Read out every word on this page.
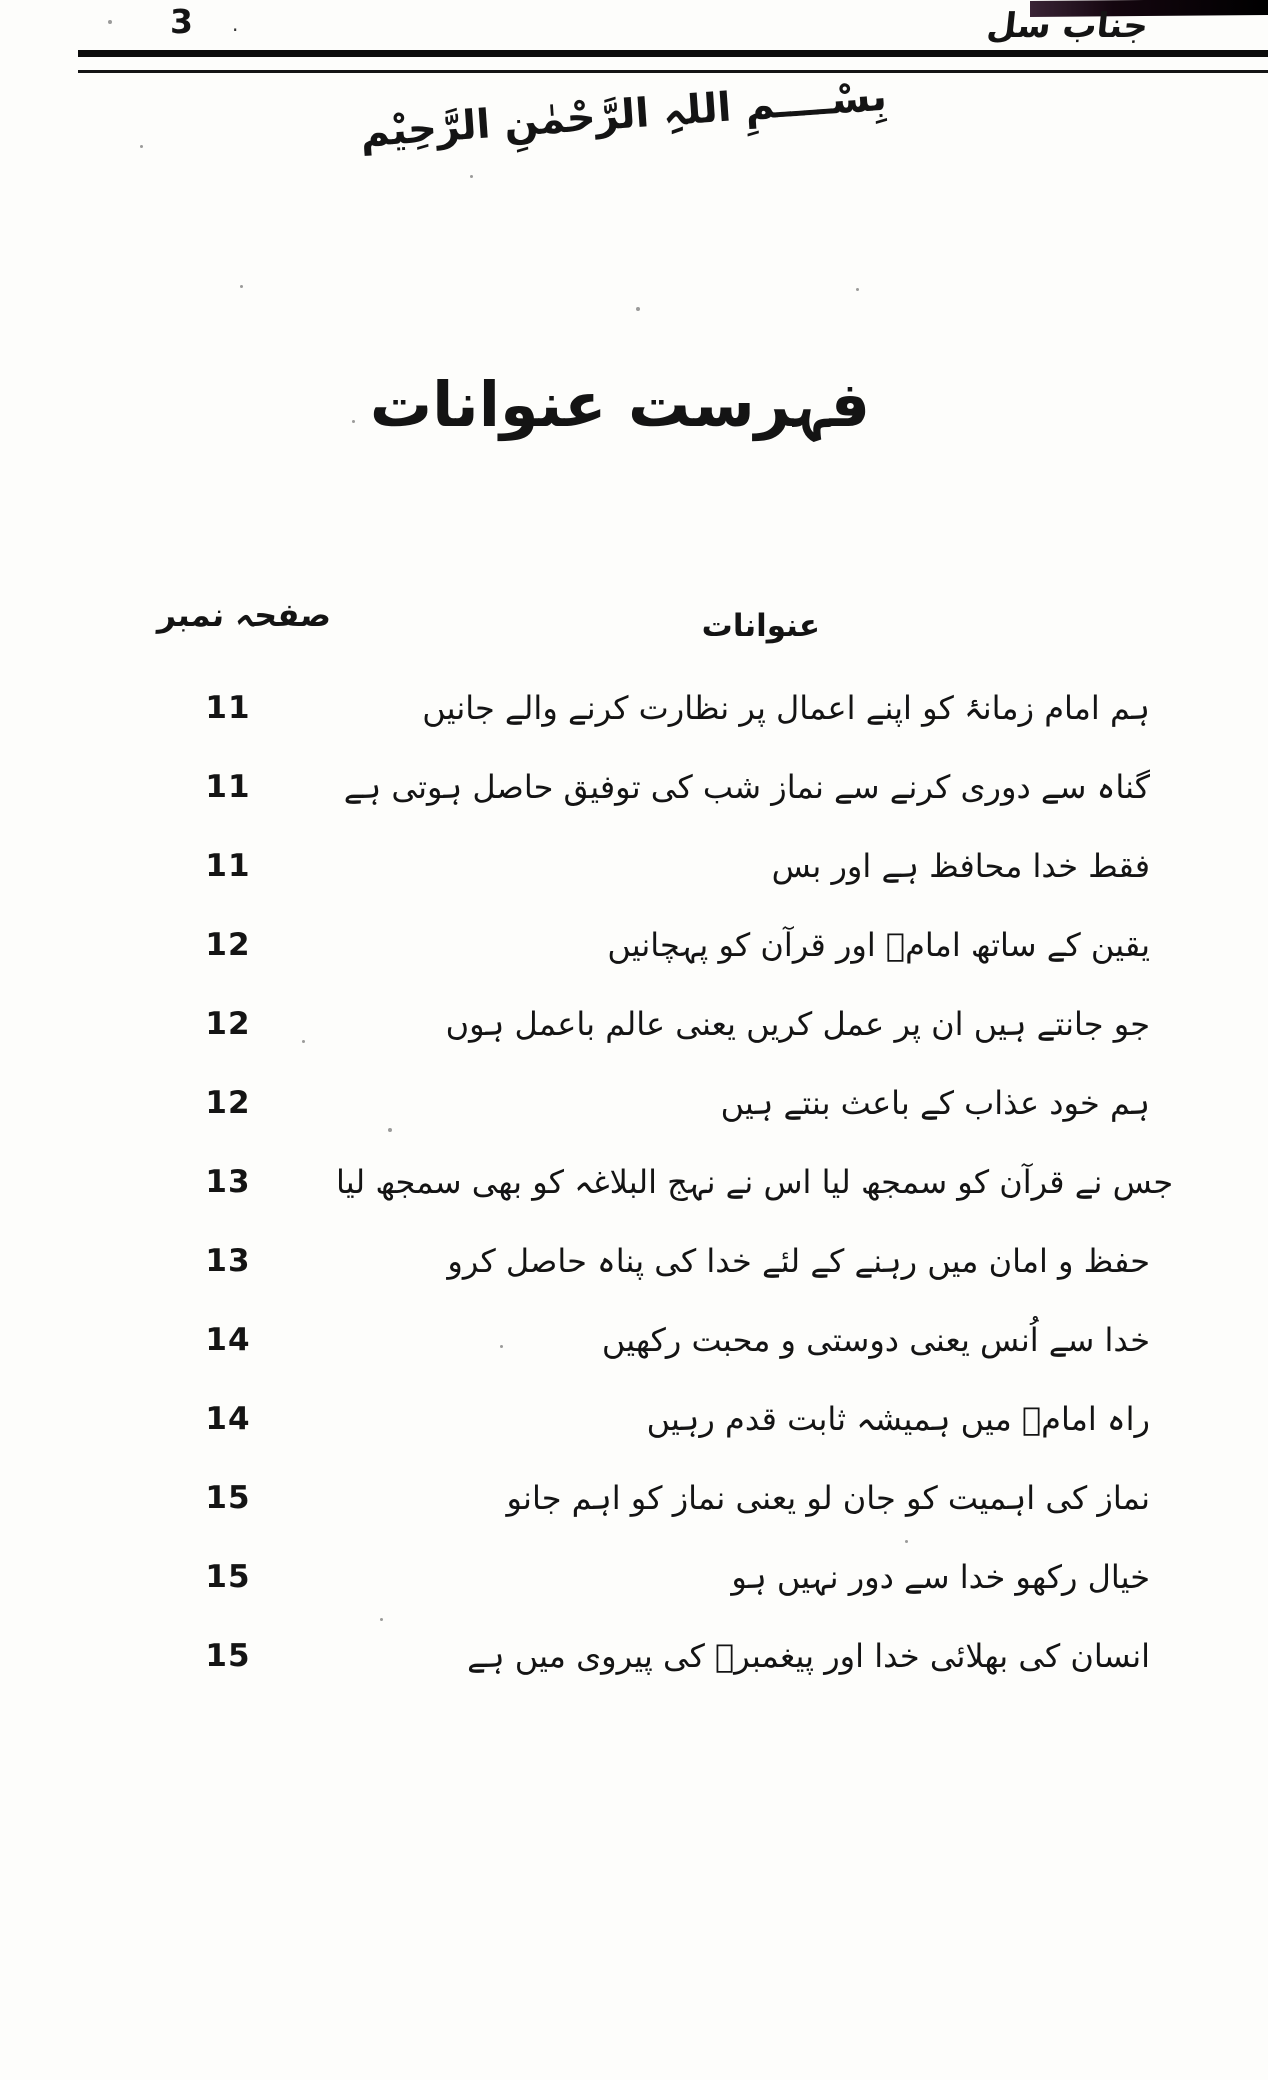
3 ·	جناب سل
بِسْــــمِ اللہِ الرَّحْمٰنِ الرَّحِیْم
فہرست عنوانات
صفحہ نمبر	عنوانات
11	ہم امام زمانۂ کو اپنے اعمال پر نظارت کرنے والے جانیں
11	گناہ سے دوری کرنے سے نماز شب کی توفیق حاصل ہوتی ہے
11	فقط خدا محافظ ہے اور بس
12	یقین کے ساتھ امامؑ اور قرآن کو پہچانیں
12	جو جانتے ہیں ان پر عمل کریں یعنی عالم باعمل ہوں
12	ہم خود عذاب کے باعث بنتے ہیں
13	جس نے قرآن کو سمجھ لیا اس نے نہج البلاغہ کو بھی سمجھ لیا
13	حفظ و امان میں رہنے کے لئے خدا کی پناہ حاصل کرو
14	خدا سے اُنس یعنی دوستی و محبت رکھیں
14	راہ امامؑ میں ہمیشہ ثابت قدم رہیں
15	نماز کی اہمیت کو جان لو یعنی نماز کو اہم جانو
15	خیال رکھو خدا سے دور نہیں ہو
15	انسان کی بھلائی خدا اور پیغمبرؐ کی پیروی میں ہے
